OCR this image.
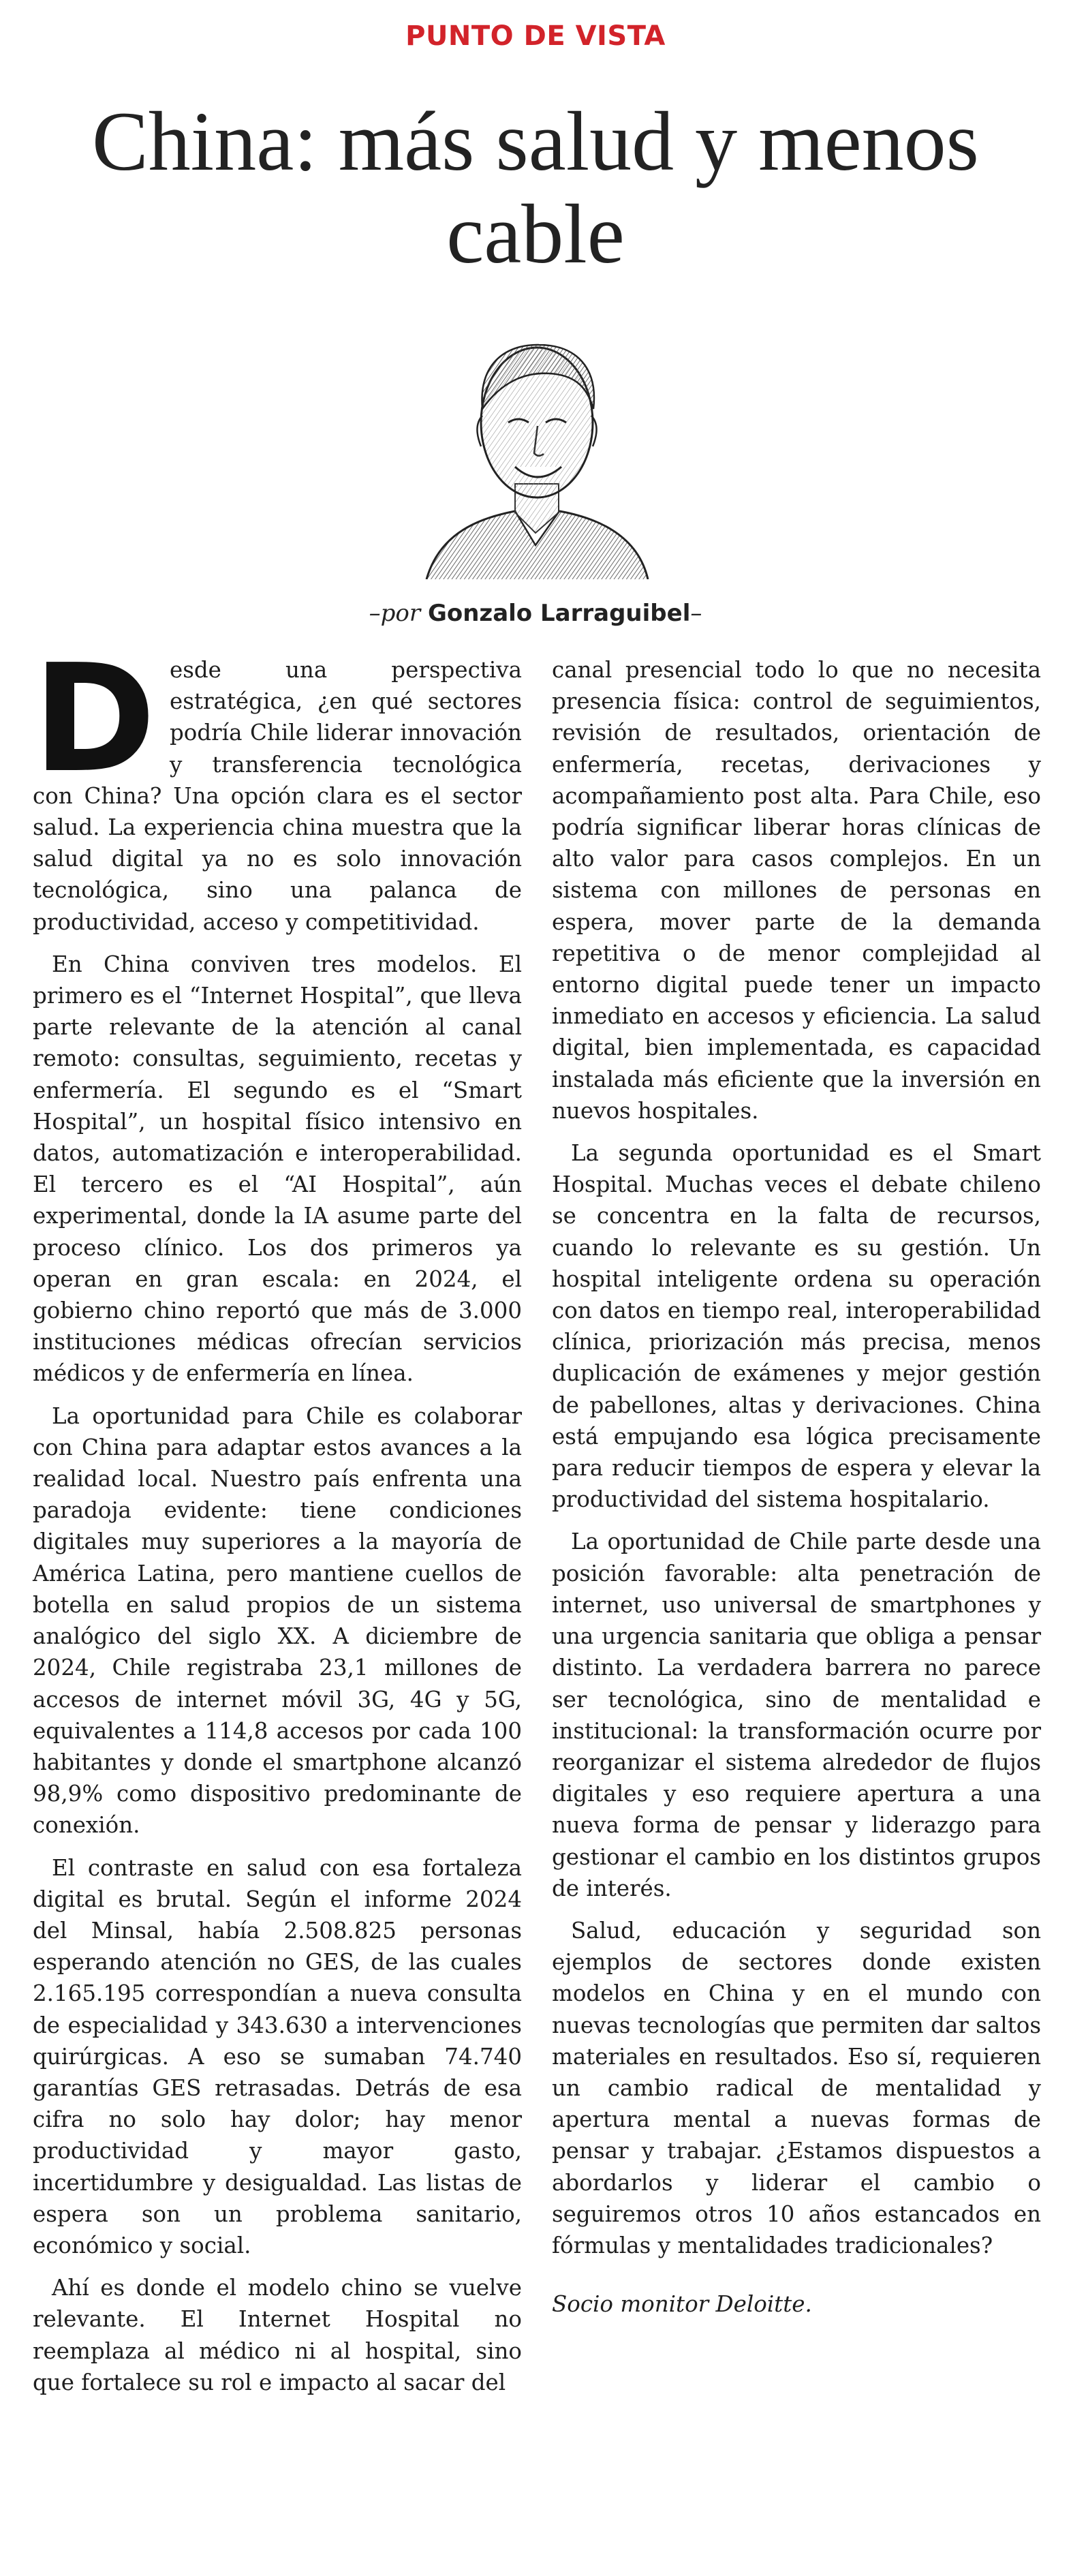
PUNTO DE VISTA
China: más salud y menos cable
–por Gonzalo Larraguibel–

Desde una perspectiva estratégica, ¿en qué sectores podría Chile liderar innovación y transferencia tecnológica con China? Una opción clara es el sector salud. La experiencia china muestra que la salud digital ya no es solo innovación tecnológica, sino una palanca de productividad, acceso y competitividad.

En China conviven tres modelos. El primero es el “Internet Hospital”, que lleva parte relevante de la atención al canal remoto: consultas, seguimiento, recetas y enfermería. El segundo es el “Smart Hospital”, un hospital físico intensivo en datos, automatización e interoperabilidad. El tercero es el “AI Hospital”, aún experimental, donde la IA asume parte del proceso clínico. Los dos primeros ya operan en gran escala: en 2024, el gobierno chino reportó que más de 3.000 instituciones médicas ofrecían servicios médicos y de enfermería en línea.

La oportunidad para Chile es colaborar con China para adaptar estos avances a la realidad local. Nuestro país enfrenta una paradoja evidente: tiene condiciones digitales muy superiores a la mayoría de América Latina, pero mantiene cuellos de botella en salud propios de un sistema analógico del siglo XX. A diciembre de 2024, Chile registraba 23,1 millones de accesos de internet móvil 3G, 4G y 5G, equivalentes a 114,8 accesos por cada 100 habitantes y donde el smartphone alcanzó 98,9% como dispositivo predominante de conexión.

El contraste en salud con esa fortaleza digital es brutal. Según el informe 2024 del Minsal, había 2.508.825 personas esperando atención no GES, de las cuales 2.165.195 correspondían a nueva consulta de especialidad y 343.630 a intervenciones quirúrgicas. A eso se sumaban 74.740 garantías GES retrasadas. Detrás de esa cifra no solo hay dolor; hay menor productividad y mayor gasto, incertidumbre y desigualdad. Las listas de espera son un problema sanitario, económico y social.

Ahí es donde el modelo chino se vuelve relevante. El Internet Hospital no reemplaza al médico ni al hospital, sino que fortalece su rol e impacto al sacar del

canal presencial todo lo que no necesita presencia física: control de seguimientos, revisión de resultados, orientación de enfermería, recetas, derivaciones y acompañamiento post alta. Para Chile, eso podría significar liberar horas clínicas de alto valor para casos complejos. En un sistema con millones de personas en espera, mover parte de la demanda repetitiva o de menor complejidad al entorno digital puede tener un impacto inmediato en accesos y eficiencia. La salud digital, bien implementada, es capacidad instalada más eficiente que la inversión en nuevos hospitales.

La segunda oportunidad es el Smart Hospital. Muchas veces el debate chileno se concentra en la falta de recursos, cuando lo relevante es su gestión. Un hospital inteligente ordena su operación con datos en tiempo real, interoperabilidad clínica, priorización más precisa, menos duplicación de exámenes y mejor gestión de pabellones, altas y derivaciones. China está empujando esa lógica precisamente para reducir tiempos de espera y elevar la productividad del sistema hospitalario.

La oportunidad de Chile parte desde una posición favorable: alta penetración de internet, uso universal de smartphones y una urgencia sanitaria que obliga a pensar distinto. La verdadera barrera no parece ser tecnológica, sino de mentalidad e institucional: la transformación ocurre por reorganizar el sistema alrededor de flujos digitales y eso requiere apertura a una nueva forma de pensar y liderazgo para gestionar el cambio en los distintos grupos de interés.

Salud, educación y seguridad son ejemplos de sectores donde existen modelos en China y en el mundo con nuevas tecnologías que permiten dar saltos materiales en resultados. Eso sí, requieren un cambio radical de mentalidad y apertura mental a nuevas formas de pensar y trabajar. ¿Estamos dispuestos a abordarlos y liderar el cambio o seguiremos otros 10 años estancados en fórmulas y mentalidades tradicionales?

Socio monitor Deloitte.
